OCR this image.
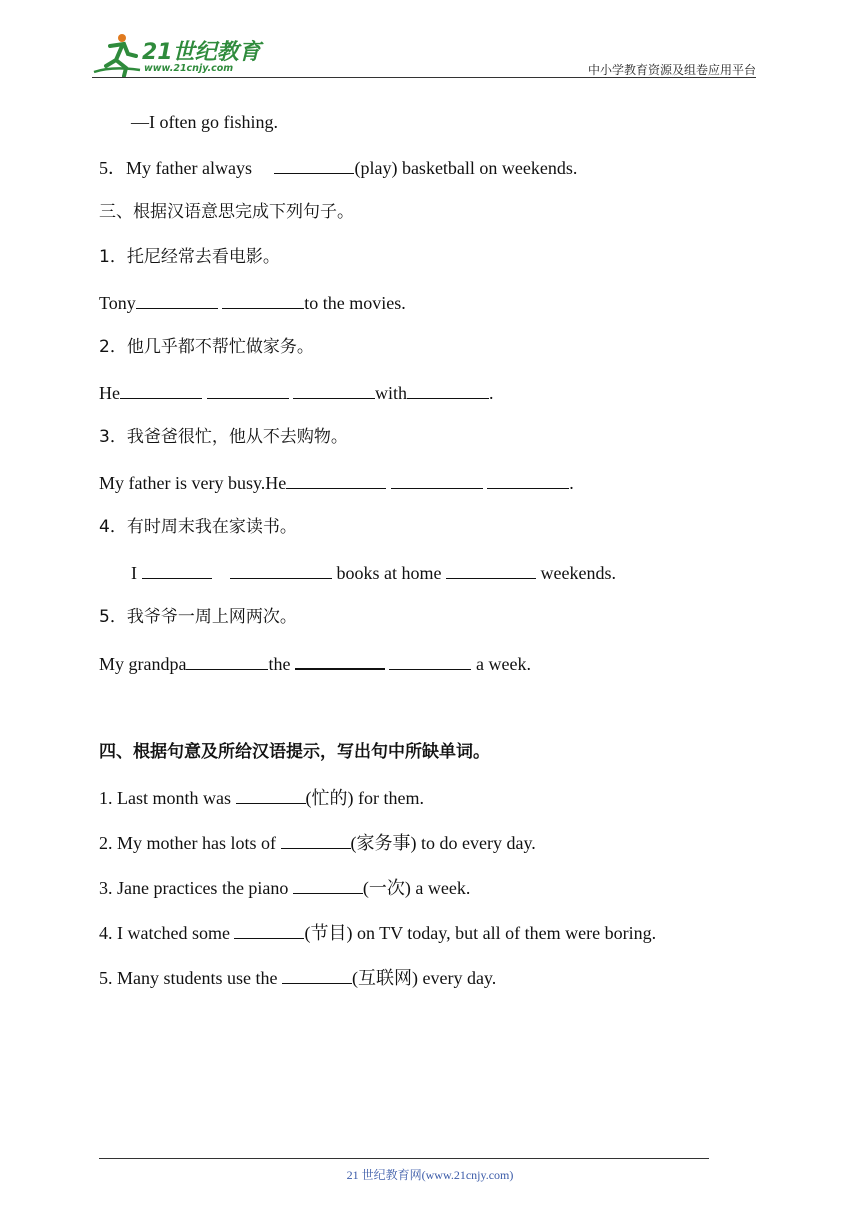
21世纪教育
www.21cnjy.com	中小学教育资源及组卷应用平台
—I often go fishing.
5．My father always	(play) basketball on weekends.
三、根据汉语意思完成下列句子。
1．托尼经常去看电影。
Tony	to the movies.
2．他几乎都不帮忙做家务。
He	with	.
3．我爸爸很忙，他从不去购物。
My father is very busy.He	.
4．有时周末我在家读书。
I	books at home	weekends.
5．我爷爷一周上网两次。
My grandpa	the	a week.
四、根据句意及所给汉语提示，写出句中所缺单词。
1. Last month was	(忙的) for them.
2. My mother has lots of	(家务事) to do every day.
3. Jane practices the piano	(一次) a week.
4. I watched some	(节目) on TV today, but all of them were boring.
5. Many students use the	(互联网) every day.
21 世纪教育网(www.21cnjy.com)
